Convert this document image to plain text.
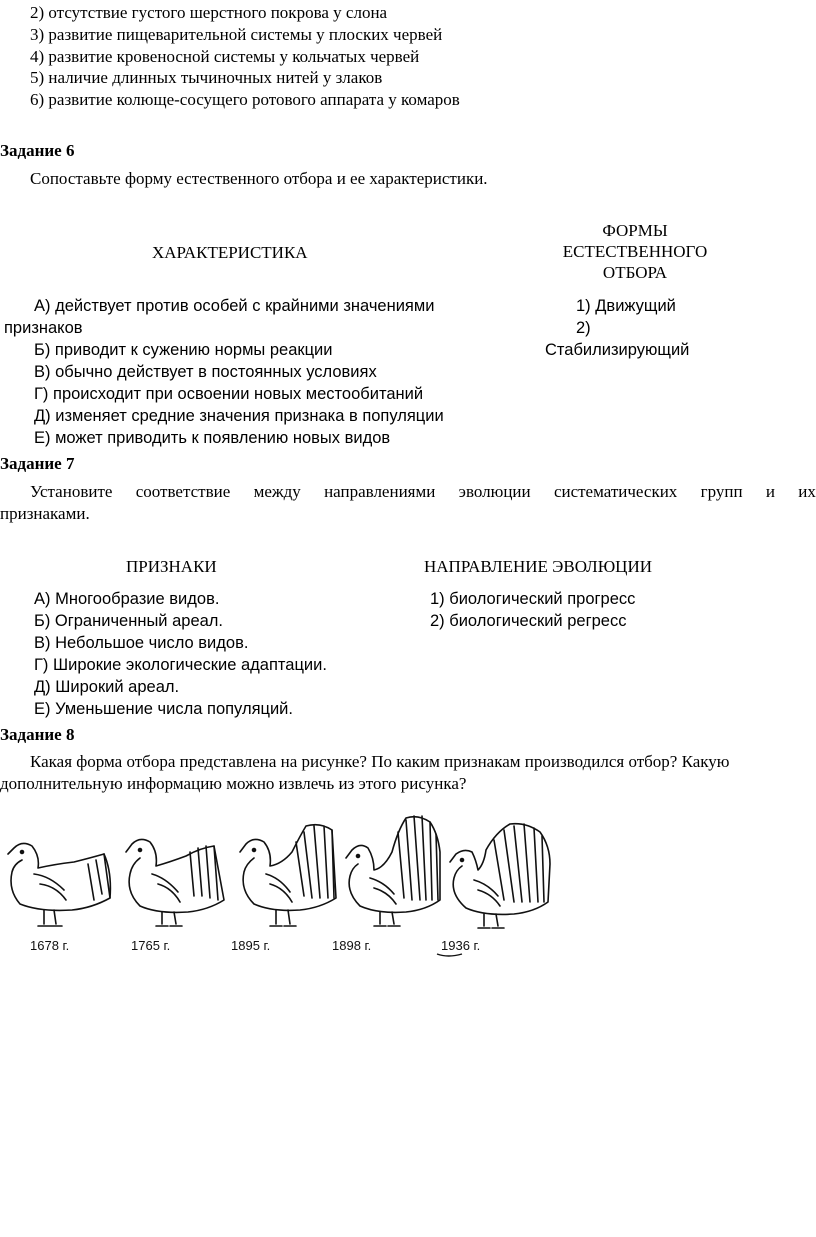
2) отсутствие густого шерстного покрова у слона
3) развитие пищеварительной системы у плоских червей
4) развитие кровеносной системы у кольчатых червей
5) наличие длинных тычиночных нитей у злаков
6) развитие колюще-сосущего ротового аппарата у комаров
Задание 6
Сопоставьте форму естественного отбора и ее характеристики.
ХАРАКТЕРИСТИКА
ФОРМЫ
ЕСТЕСТВЕННОГО
ОТБОРА
А) действует против особей с крайними значениями
признаков
Б) приводит к сужению нормы реакции
В) обычно действует в постоянных условиях
Г) происходит при освоении новых местообитаний
Д) изменяет средние значения признака в популяции
Е) может приводить к появлению новых видов
1) Движущий
2)
Стабилизирующий
Задание 7
Установите соответствие между направлениями эволюции систематических групп и их
признаками.
ПРИЗНАКИ	НАПРАВЛЕНИЕ ЭВОЛЮЦИИ
А) Многообразие видов.
Б) Ограниченный ареал.
В) Небольшое число видов.
Г) Широкие экологические адаптации.
Д) Широкий ареал.
Е) Уменьшение числа популяций.
1) биологический прогресс
2) биологический регресс
Задание 8
Какая форма отбора представлена на рисунке? По каким признакам производился отбор? Какую
дополнительную информацию можно извлечь из этого рисунка?
1678 г.	1765 г.	1895 г.	1898 г.	1936 г.
